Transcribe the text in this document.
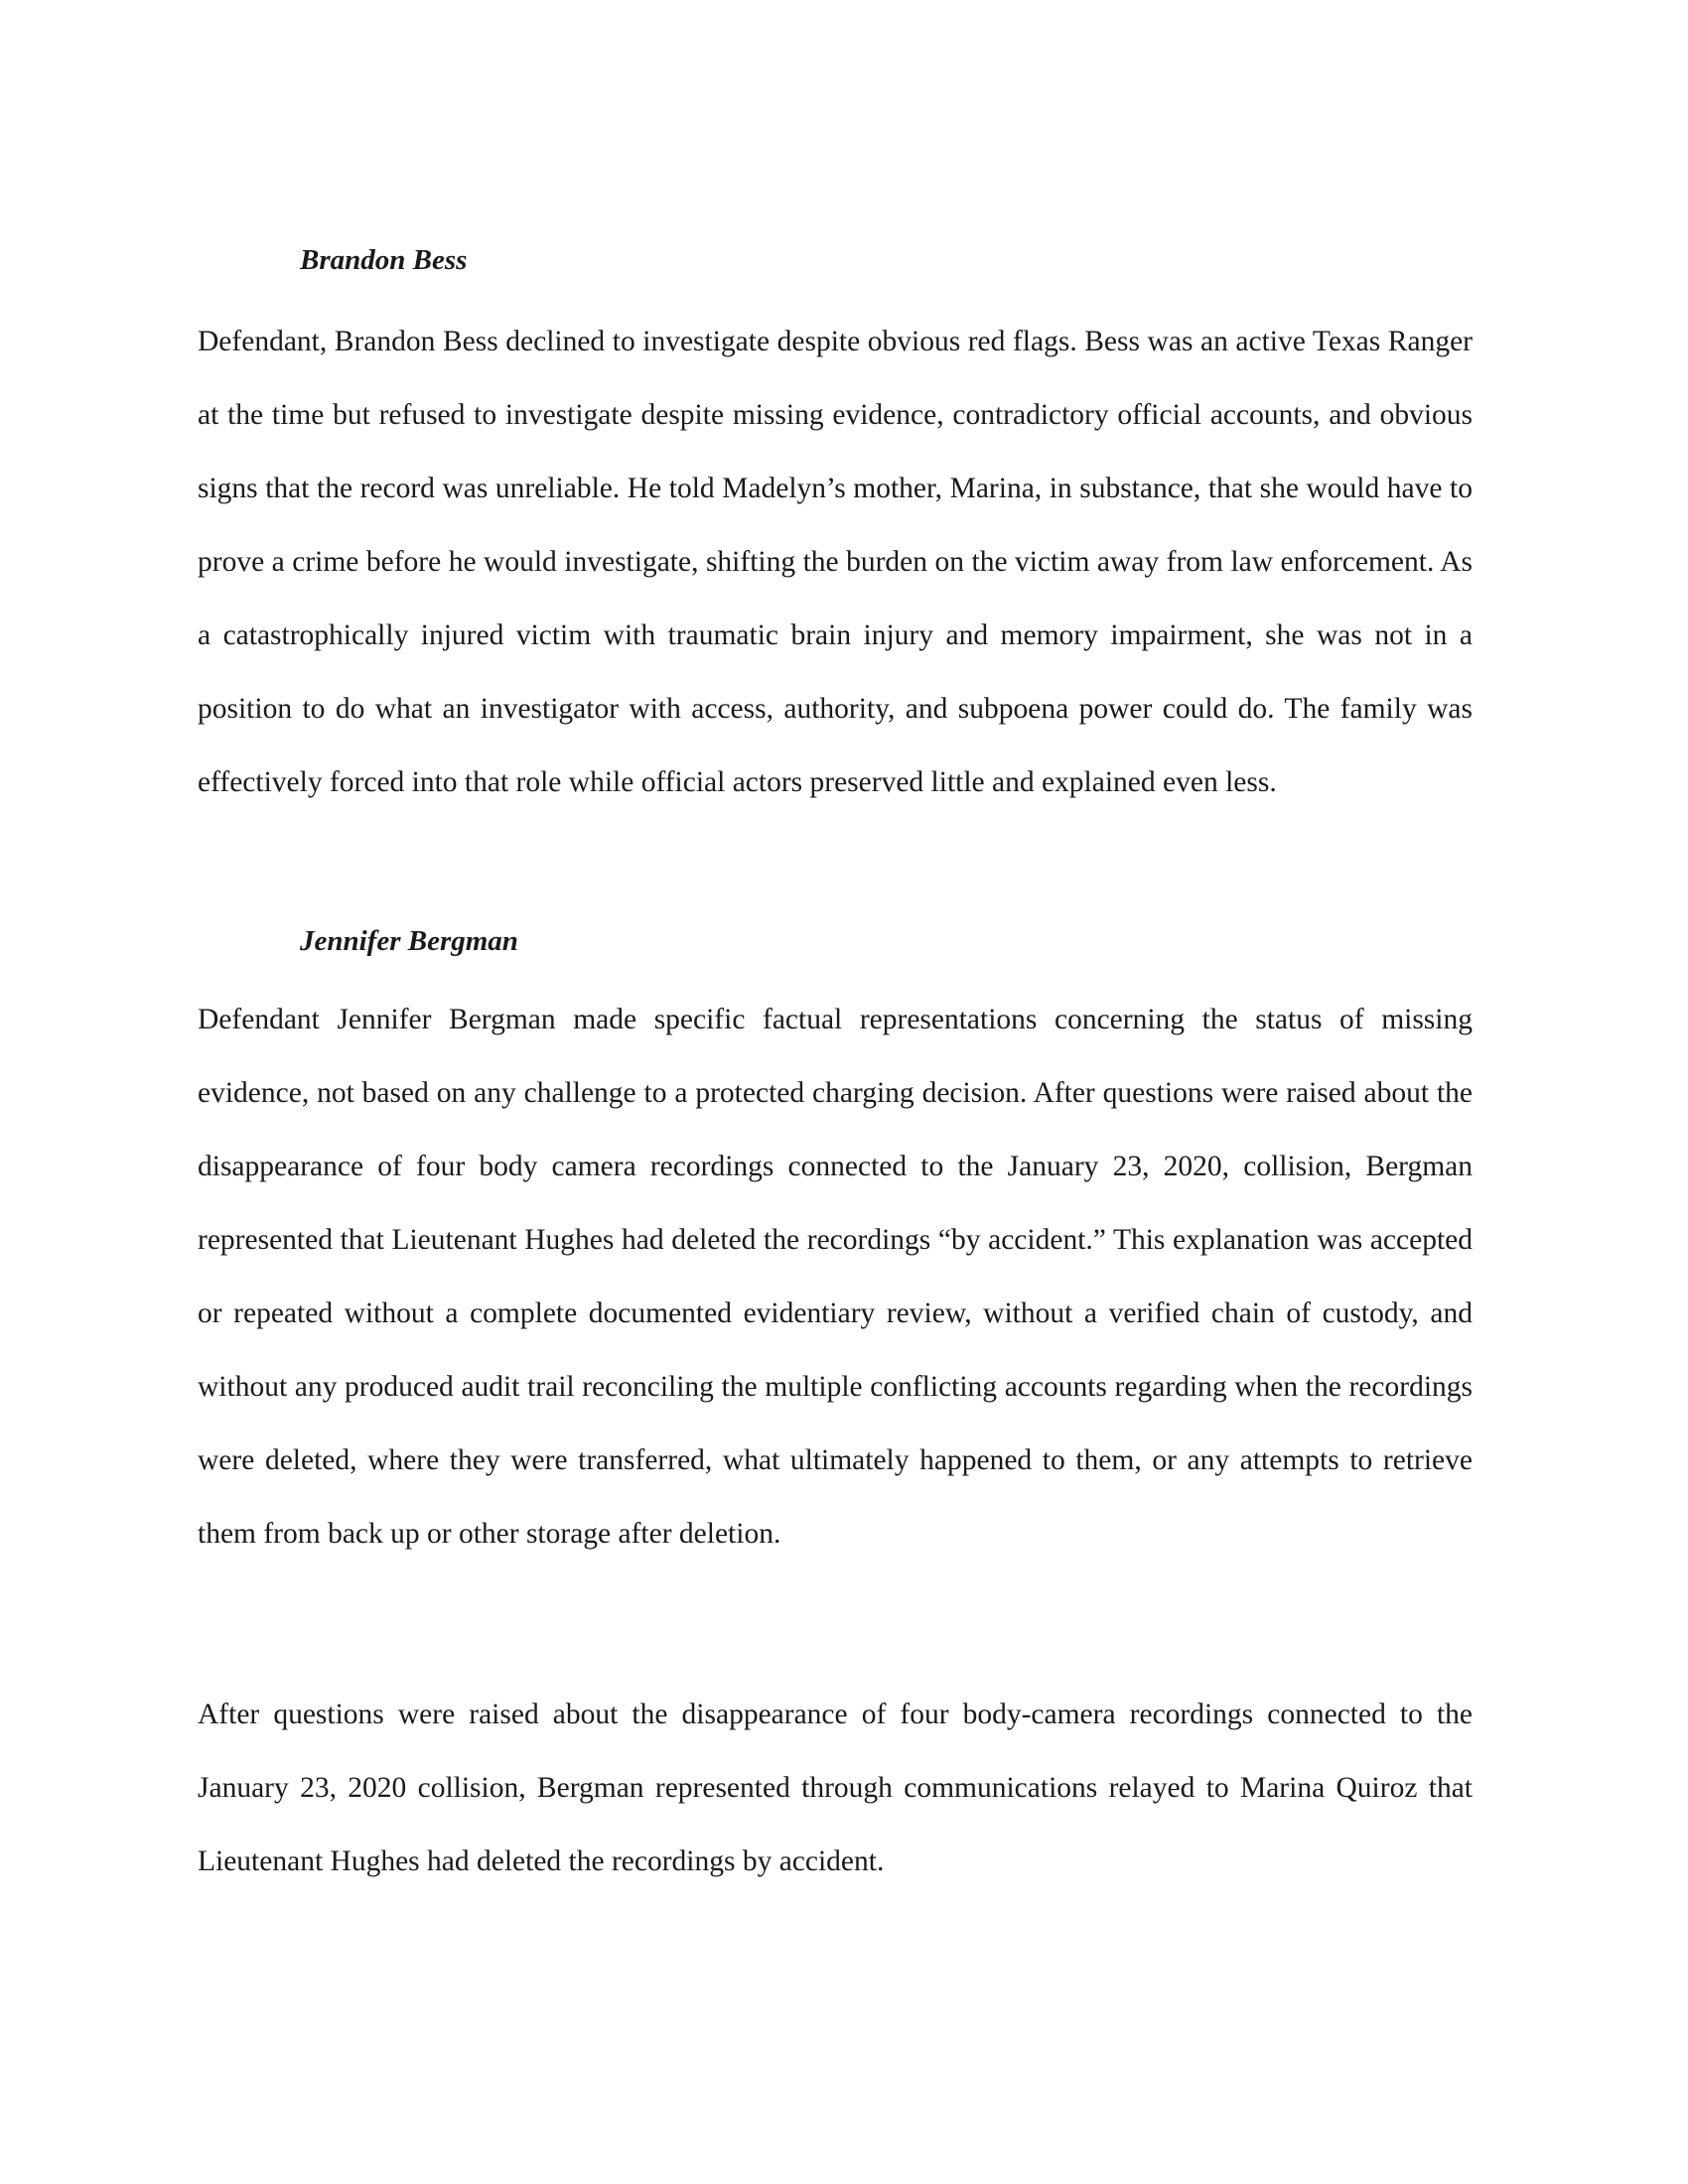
Brandon Bess

Defendant, Brandon Bess declined to investigate despite obvious red flags. Bess was an active Texas Ranger at the time but refused to investigate despite missing evidence, contradictory official accounts, and obvious signs that the record was unreliable. He told Madelyn’s mother, Marina, in substance, that she would have to prove a crime before he would investigate, shifting the burden on the victim away from law enforcement. As a catastrophically injured victim with traumatic brain injury and memory impairment, she was not in a position to do what an investigator with access, authority, and subpoena power could do. The family was effectively forced into that role while official actors preserved little and explained even less.

Jennifer Bergman

Defendant Jennifer Bergman made specific factual representations concerning the status of missing evidence, not based on any challenge to a protected charging decision. After questions were raised about the disappearance of four body camera recordings connected to the January 23, 2020, collision, Bergman represented that Lieutenant Hughes had deleted the recordings “by accident.” This explanation was accepted or repeated without a complete documented evidentiary review, without a verified chain of custody, and without any produced audit trail reconciling the multiple conflicting accounts regarding when the recordings were deleted, where they were transferred, what ultimately happened to them, or any attempts to retrieve them from back up or other storage after deletion.

After questions were raised about the disappearance of four body-camera recordings connected to the January 23, 2020 collision, Bergman represented through communications relayed to Marina Quiroz that Lieutenant Hughes had deleted the recordings by accident.
